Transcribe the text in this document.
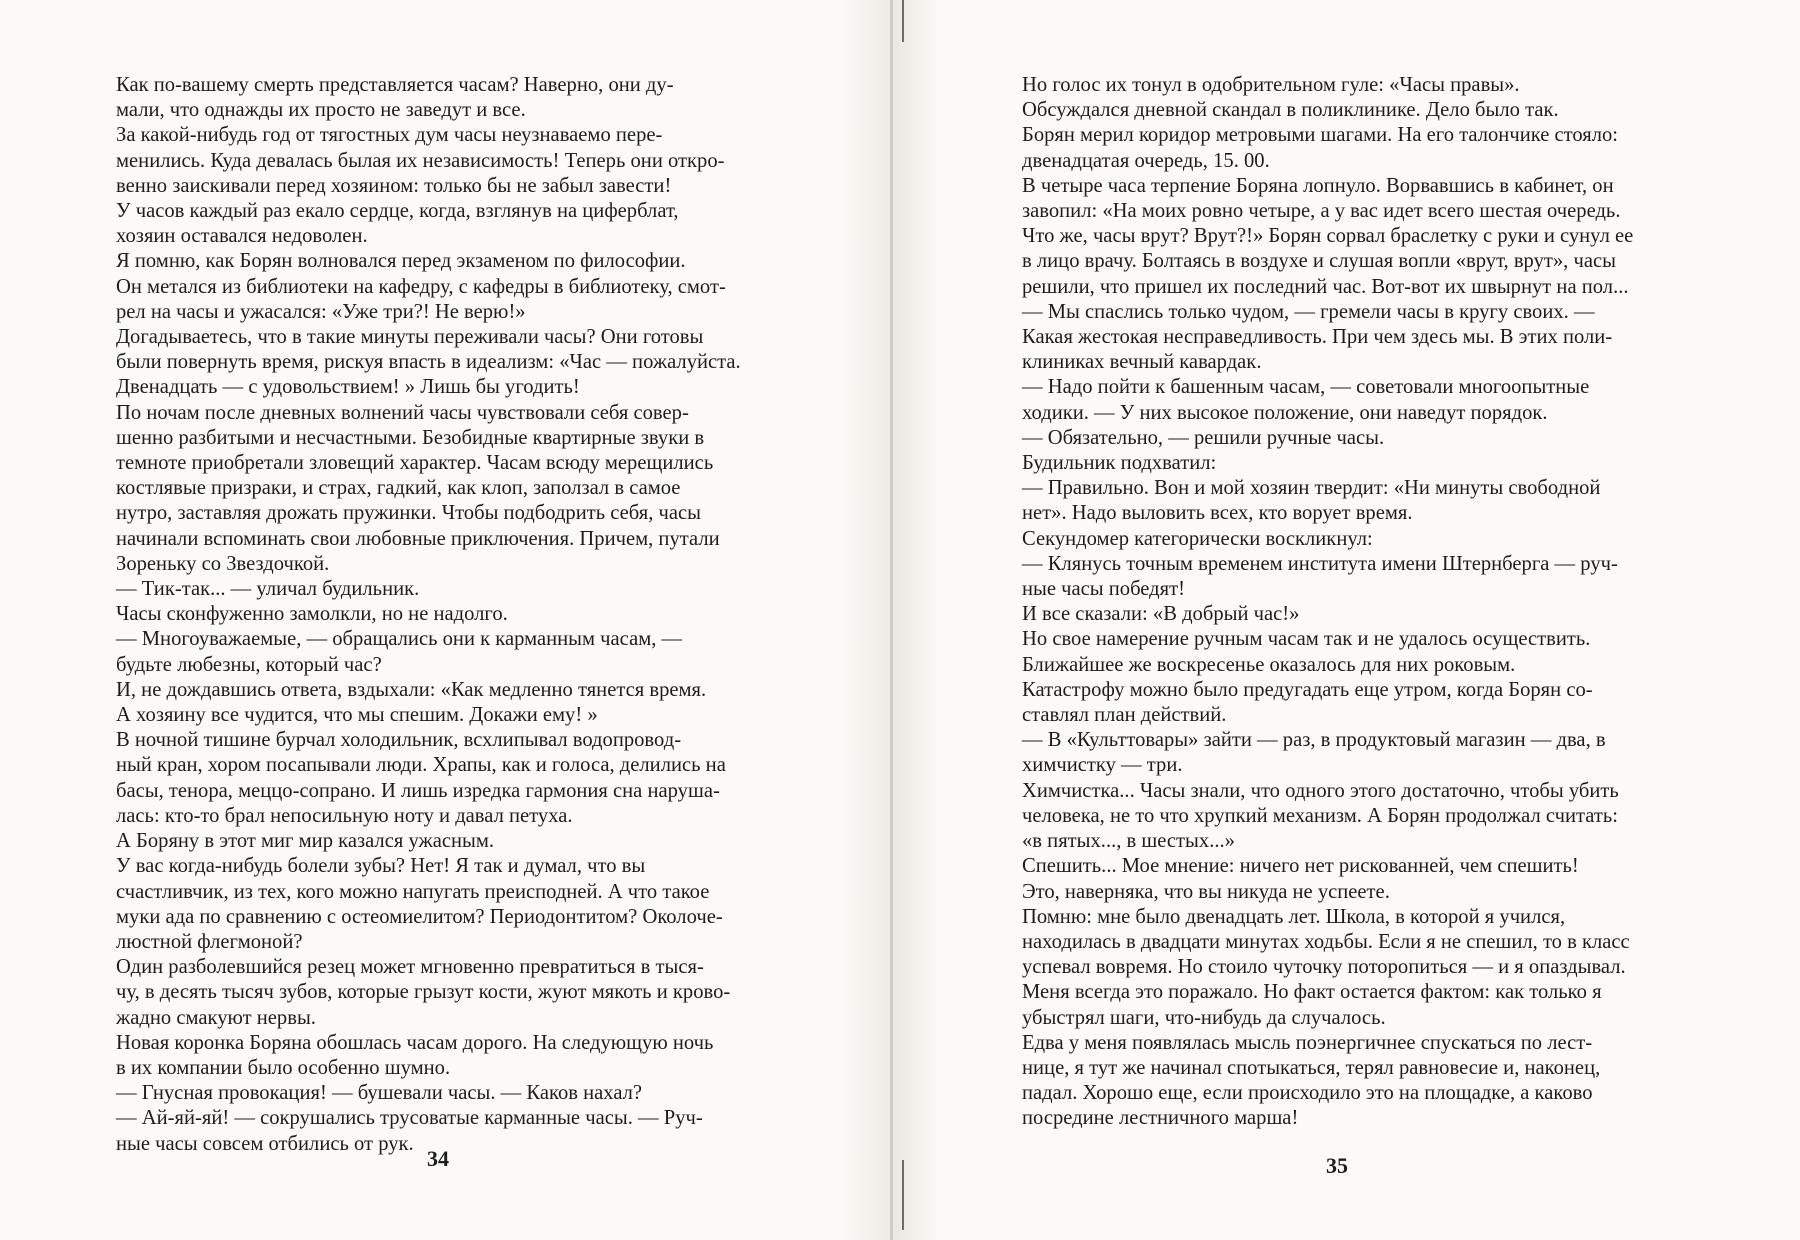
Как по-вашему смерть представляется часам? Наверно, они ду-

мали, что однажды их просто не заведут и все.

За какой-нибудь год от тягостных дум часы неузнаваемо пере-

менились. Куда девалась былая их независимость! Теперь они откро-

венно заискивали перед хозяином: только бы не забыл завести!

У часов каждый раз екало сердце, когда, взглянув на циферблат,

хозяин оставался недоволен.

Я помню, как Борян волновался перед экзаменом по философии.

Он метался из библиотеки на кафедру, с кафедры в библиотеку, смот-

рел на часы и ужасался: «Уже три?! Не верю!»

Догадываетесь, что в такие минуты переживали часы? Они готовы

были повернуть время, рискуя впасть в идеализм: «Час — пожалуйста.

Двенадцать — с удовольствием! » Лишь бы угодить!

По ночам после дневных волнений часы чувствовали себя совер-

шенно разбитыми и несчастными. Безобидные квартирные звуки в

темноте приобретали зловещий характер. Часам всюду мерещились

костлявые призраки, и страх, гадкий, как клоп, заползал в самое

нутро, заставляя дрожать пружинки. Чтобы подбодрить себя, часы

начинали вспоминать свои любовные приключения. Причем, путали

Зореньку со Звездочкой.

— Тик-так... — уличал будильник.

Часы сконфуженно замолкли, но не надолго.

— Многоуважаемые, — обращались они к карманным часам, —

будьте любезны, который час?

И, не дождавшись ответа, вздыхали: «Как медленно тянется время.

А хозяину все чудится, что мы спешим. Докажи ему! »

В ночной тишине бурчал холодильник, всхлипывал водопровод-

ный кран, хором посапывали люди. Храпы, как и голоса, делились на

басы, тенора, меццо-сопрано. И лишь изредка гармония сна наруша-

лась: кто-то брал непосильную ноту и давал петуха.

А Боряну в этот миг мир казался ужасным.

У вас когда-нибудь болели зубы? Нет! Я так и думал, что вы

счастливчик, из тех, кого можно напугать преисподней. А что такое

муки ада по сравнению с остеомиелитом? Периодонтитом? Околоче-

люстной флегмоной?

Один разболевшийся резец может мгновенно превратиться в тыся-

чу, в десять тысяч зубов, которые грызут кости, жуют мякоть и крово-

жадно смакуют нервы.

Новая коронка Боряна обошлась часам дорого. На следующую ночь

в их компании было особенно шумно.

— Гнусная провокация! — бушевали часы. — Каков нахал?

— Ай-яй-яй! — сокрушались трусоватые карманные часы. — Руч-

ные часы совсем отбились от рук.

34

Но голос их тонул в одобрительном гуле: «Часы правы».

Обсуждался дневной скандал в поликлинике. Дело было так.

Борян мерил коридор метровыми шагами. На его талончике стояло:

двенадцатая очередь, 15. 00.

В четыре часа терпение Боряна лопнуло. Ворвавшись в кабинет, он

завопил: «На моих ровно четыре, а у вас идет всего шестая очередь.

Что же, часы врут? Врут?!» Борян сорвал браслетку с руки и сунул ее

в лицо врачу. Болтаясь в воздухе и слушая вопли «врут, врут», часы

решили, что пришел их последний час. Вот-вот их швырнут на пол...

— Мы спаслись только чудом, — гремели часы в кругу своих. —

Какая жестокая несправедливость. При чем здесь мы. В этих поли-

клиниках вечный кавардак.

— Надо пойти к башенным часам, — советовали многоопытные

ходики. — У них высокое положение, они наведут порядок.

— Обязательно, — решили ручные часы.

Будильник подхватил:

— Правильно. Вон и мой хозяин твердит: «Ни минуты свободной

нет». Надо выловить всех, кто ворует время.

Секундомер категорически воскликнул:

— Клянусь точным временем института имени Штернберга — руч-

ные часы победят!

И все сказали: «В добрый час!»

Но свое намерение ручным часам так и не удалось осуществить.

Ближайшее же воскресенье оказалось для них роковым.

Катастрофу можно было предугадать еще утром, когда Борян со-

ставлял план действий.

— В «Культтовары» зайти — раз, в продуктовый магазин — два, в

химчистку — три.

Химчистка... Часы знали, что одного этого достаточно, чтобы убить

человека, не то что хрупкий механизм. А Борян продолжал считать:

«в пятых..., в шестых...»

Спешить... Мое мнение: ничего нет рискованней, чем спешить!

Это, наверняка, что вы никуда не успеете.

Помню: мне было двенадцать лет. Школа, в которой я учился,

находилась в двадцати минутах ходьбы. Если я не спешил, то в класс

успевал вовремя. Но стоило чуточку поторопиться — и я опаздывал.

Меня всегда это поражало. Но факт остается фактом: как только я

убыстрял шаги, что-нибудь да случалось.

Едва у меня появлялась мысль поэнергичнее спускаться по лест-

нице, я тут же начинал спотыкаться, терял равновесие и, наконец,

падал. Хорошо еще, если происходило это на площадке, а каково

посредине лестничного марша!

35
